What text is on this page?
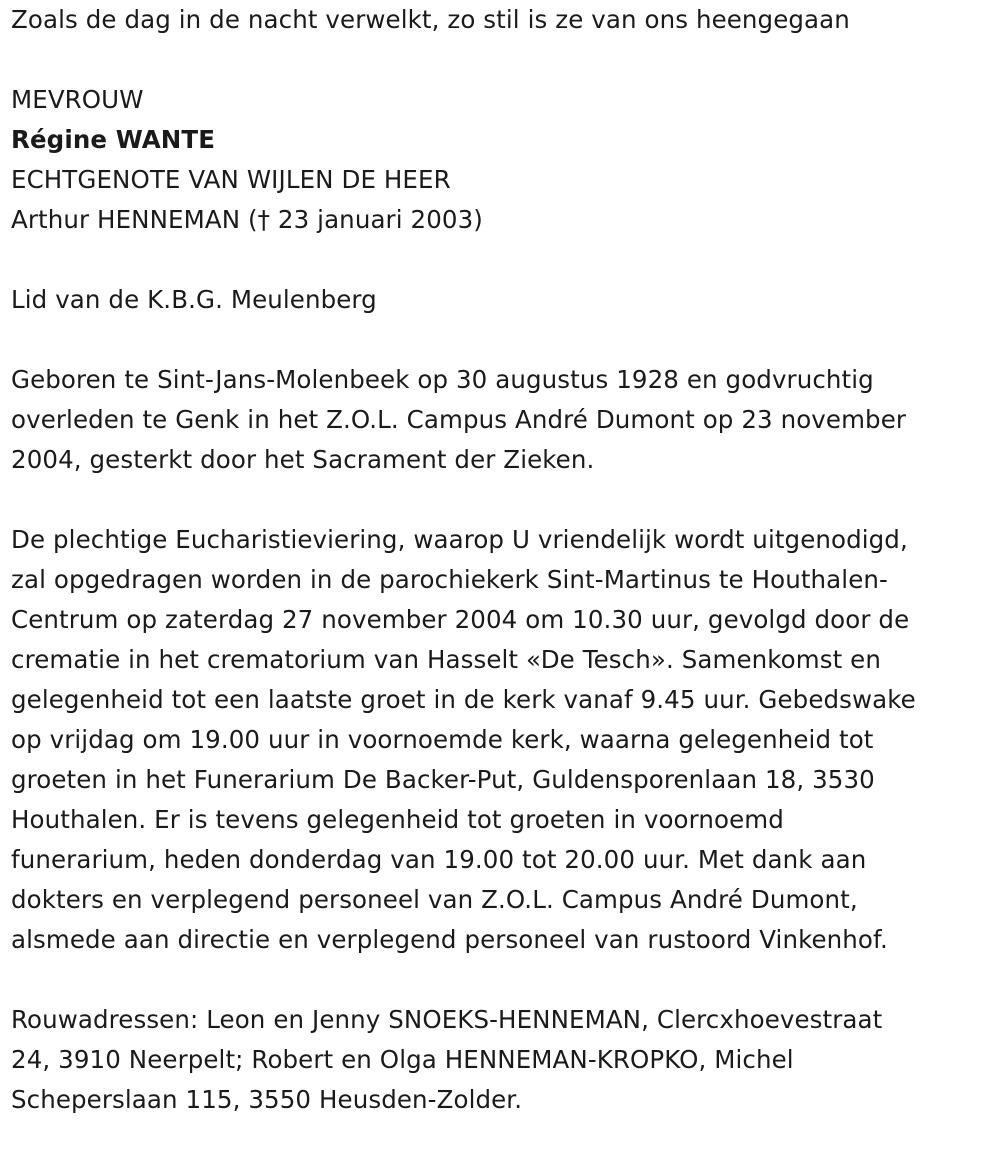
Zoals de dag in de nacht verwelkt, zo stil is ze van ons heengegaan
MEVROUW
Régine WANTE
ECHTGENOTE VAN WIJLEN DE HEER
Arthur HENNEMAN († 23 januari 2003)
Lid van de K.B.G. Meulenberg
Geboren te Sint-Jans-Molenbeek op 30 augustus 1928 en godvruchtig
overleden te Genk in het Z.O.L. Campus André Dumont op 23 november
2004, gesterkt door het Sacrament der Zieken.
De plechtige Eucharistieviering, waarop U vriendelijk wordt uitgenodigd,
zal opgedragen worden in de parochiekerk Sint-Martinus te Houthalen-
Centrum op zaterdag 27 november 2004 om 10.30 uur, gevolgd door de
crematie in het crematorium van Hasselt «De Tesch». Samenkomst en
gelegenheid tot een laatste groet in de kerk vanaf 9.45 uur. Gebedswake
op vrijdag om 19.00 uur in voornoemde kerk, waarna gelegenheid tot
groeten in het Funerarium De Backer-Put, Guldensporenlaan 18, 3530
Houthalen. Er is tevens gelegenheid tot groeten in voornoemd
funerarium, heden donderdag van 19.00 tot 20.00 uur. Met dank aan
dokters en verplegend personeel van Z.O.L. Campus André Dumont,
alsmede aan directie en verplegend personeel van rustoord Vinkenhof.
Rouwadressen: Leon en Jenny SNOEKS-HENNEMAN, Clercxhoevestraat
24, 3910 Neerpelt; Robert en Olga HENNEMAN-KROPKO, Michel
Scheperslaan 115, 3550 Heusden-Zolder.
